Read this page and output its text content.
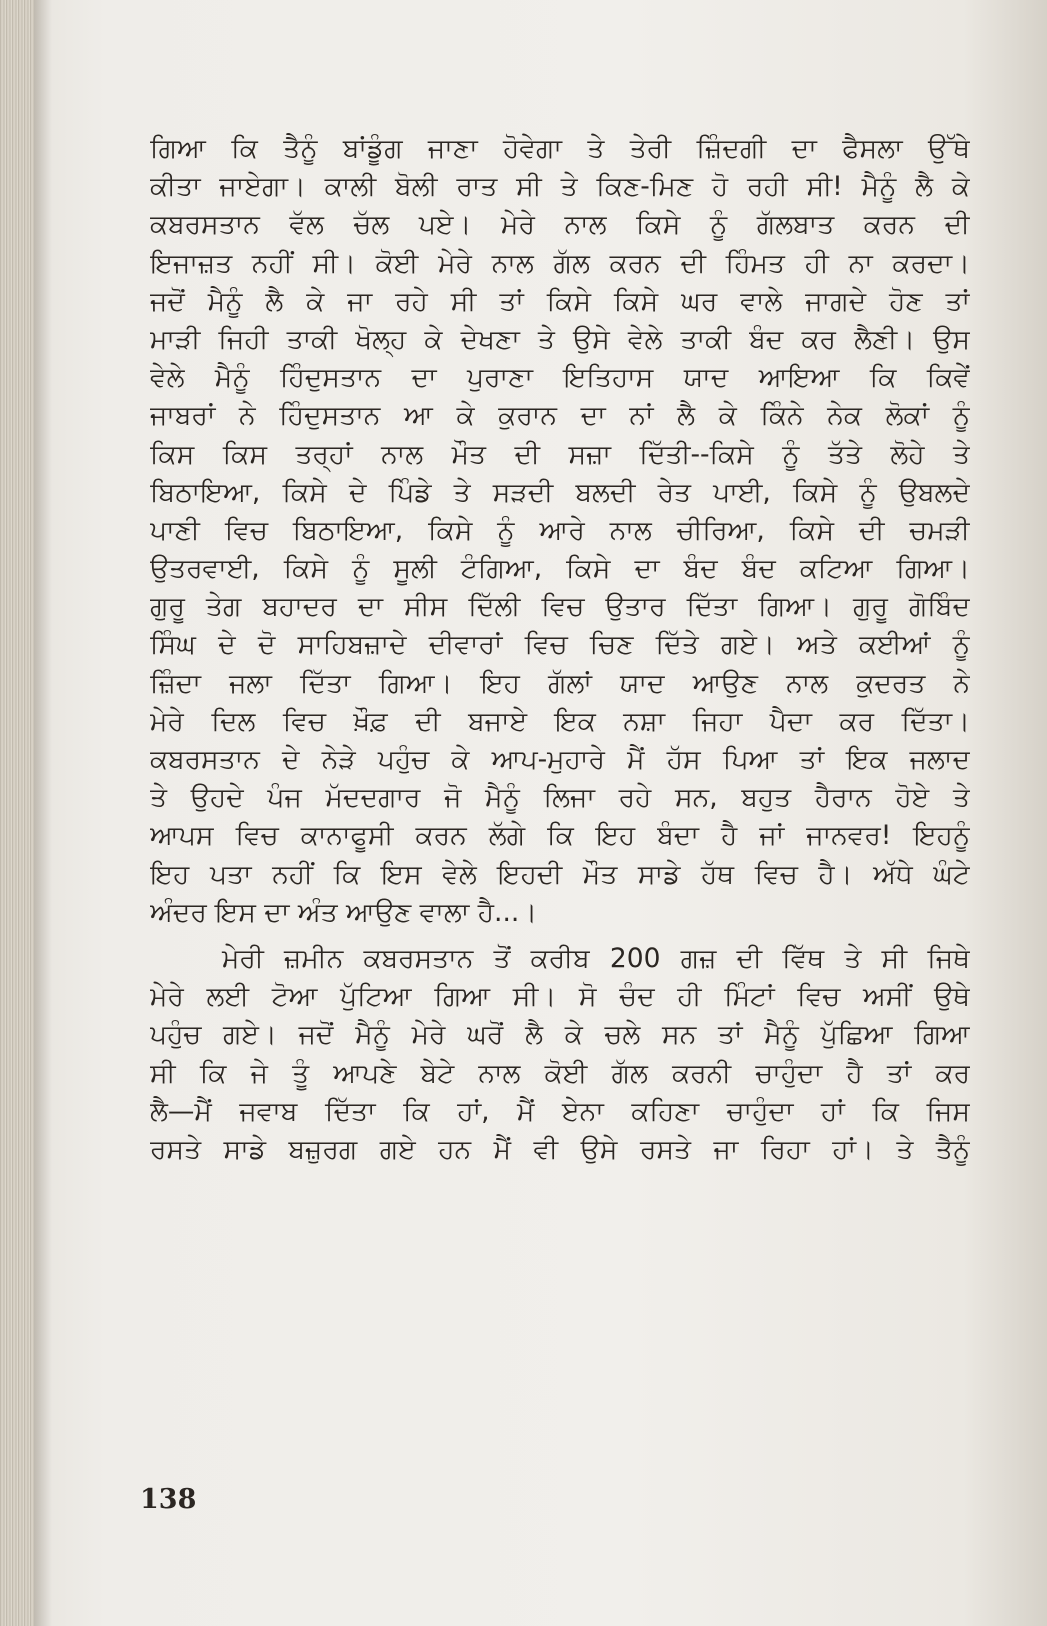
ਗਿਆ ਕਿ ਤੈਨੂੰ ਬਾਂਡੂੰਗ ਜਾਣਾ ਹੋਵੇਗਾ ਤੇ ਤੇਰੀ ਜ਼ਿੰਦਗੀ ਦਾ ਫੈਸਲਾ ਉੱਥੇ
ਕੀਤਾ ਜਾਏਗਾ। ਕਾਲੀ ਬੋਲੀ ਰਾਤ ਸੀ ਤੇ ਕਿਣ-ਮਿਣ ਹੋ ਰਹੀ ਸੀ! ਮੈਨੂੰ ਲੈ ਕੇ
ਕਬਰਸਤਾਨ ਵੱਲ ਚੱਲ ਪਏ। ਮੇਰੇ ਨਾਲ ਕਿਸੇ ਨੂੰ ਗੱਲਬਾਤ ਕਰਨ ਦੀ
ਇਜਾਜ਼ਤ ਨਹੀਂ ਸੀ। ਕੋਈ ਮੇਰੇ ਨਾਲ ਗੱਲ ਕਰਨ ਦੀ ਹਿੰਮਤ ਹੀ ਨਾ ਕਰਦਾ।
ਜਦੋਂ ਮੈਨੂੰ ਲੈ ਕੇ ਜਾ ਰਹੇ ਸੀ ਤਾਂ ਕਿਸੇ ਕਿਸੇ ਘਰ ਵਾਲੇ ਜਾਗਦੇ ਹੋਣ ਤਾਂ
ਮਾੜੀ ਜਿਹੀ ਤਾਕੀ ਖੋਲ੍ਹ ਕੇ ਦੇਖਣਾ ਤੇ ਉਸੇ ਵੇਲੇ ਤਾਕੀ ਬੰਦ ਕਰ ਲੈਣੀ। ਉਸ
ਵੇਲੇ ਮੈਨੂੰ ਹਿੰਦੁਸਤਾਨ ਦਾ ਪੁਰਾਣਾ ਇਤਿਹਾਸ ਯਾਦ ਆਇਆ ਕਿ ਕਿਵੇਂ
ਜਾਬਰਾਂ ਨੇ ਹਿੰਦੁਸਤਾਨ ਆ ਕੇ ਕੁਰਾਨ ਦਾ ਨਾਂ ਲੈ ਕੇ ਕਿੰਨੇ ਨੇਕ ਲੋਕਾਂ ਨੂੰ
ਕਿਸ ਕਿਸ ਤਰ੍ਹਾਂ ਨਾਲ ਮੌਤ ਦੀ ਸਜ਼ਾ ਦਿੱਤੀ--ਕਿਸੇ ਨੂੰ ਤੱਤੇ ਲੋਹੇ ਤੇ
ਬਿਠਾਇਆ, ਕਿਸੇ ਦੇ ਪਿੰਡੇ ਤੇ ਸੜਦੀ ਬਲਦੀ ਰੇਤ ਪਾਈ, ਕਿਸੇ ਨੂੰ ਉਬਲਦੇ
ਪਾਣੀ ਵਿਚ ਬਿਠਾਇਆ, ਕਿਸੇ ਨੂੰ ਆਰੇ ਨਾਲ ਚੀਰਿਆ, ਕਿਸੇ ਦੀ ਚਮੜੀ
ਉਤਰਵਾਈ, ਕਿਸੇ ਨੂੰ ਸੂਲੀ ਟੰਗਿਆ, ਕਿਸੇ ਦਾ ਬੰਦ ਬੰਦ ਕਟਿਆ ਗਿਆ।
ਗੁਰੂ ਤੇਗ ਬਹਾਦਰ ਦਾ ਸੀਸ ਦਿੱਲੀ ਵਿਚ ਉਤਾਰ ਦਿੱਤਾ ਗਿਆ। ਗੁਰੂ ਗੋਬਿੰਦ
ਸਿੰਘ ਦੇ ਦੋ ਸਾਹਿਬਜ਼ਾਦੇ ਦੀਵਾਰਾਂ ਵਿਚ ਚਿਣ ਦਿੱਤੇ ਗਏ। ਅਤੇ ਕਈਆਂ ਨੂੰ
ਜ਼ਿੰਦਾ ਜਲਾ ਦਿੱਤਾ ਗਿਆ। ਇਹ ਗੱਲਾਂ ਯਾਦ ਆਉਣ ਨਾਲ ਕੁਦਰਤ ਨੇ
ਮੇਰੇ ਦਿਲ ਵਿਚ ਖ਼ੌਫ਼ ਦੀ ਬਜਾਏ ਇਕ ਨਸ਼ਾ ਜਿਹਾ ਪੈਦਾ ਕਰ ਦਿੱਤਾ।
ਕਬਰਸਤਾਨ ਦੇ ਨੇੜੇ ਪਹੁੰਚ ਕੇ ਆਪ-ਮੁਹਾਰੇ ਮੈਂ ਹੱਸ ਪਿਆ ਤਾਂ ਇਕ ਜਲਾਦ
ਤੇ ਉਹਦੇ ਪੰਜ ਮੱਦਦਗਾਰ ਜੋ ਮੈਨੂੰ ਲਿਜਾ ਰਹੇ ਸਨ, ਬਹੁਤ ਹੈਰਾਨ ਹੋਏ ਤੇ
ਆਪਸ ਵਿਚ ਕਾਨਾਫੂਸੀ ਕਰਨ ਲੱਗੇ ਕਿ ਇਹ ਬੰਦਾ ਹੈ ਜਾਂ ਜਾਨਵਰ! ਇਹਨੂੰ
ਇਹ ਪਤਾ ਨਹੀਂ ਕਿ ਇਸ ਵੇਲੇ ਇਹਦੀ ਮੌਤ ਸਾਡੇ ਹੱਥ ਵਿਚ ਹੈ। ਅੱਧੇ ਘੰਟੇ
ਅੰਦਰ ਇਸ ਦਾ ਅੰਤ ਆਉਣ ਵਾਲਾ ਹੈ...।
ਮੇਰੀ ਜ਼ਮੀਨ ਕਬਰਸਤਾਨ ਤੋਂ ਕਰੀਬ 200 ਗਜ਼ ਦੀ ਵਿੱਥ ਤੇ ਸੀ ਜਿਥੇ
ਮੇਰੇ ਲਈ ਟੋਆ ਪੁੱਟਿਆ ਗਿਆ ਸੀ। ਸੋ ਚੰਦ ਹੀ ਮਿੰਟਾਂ ਵਿਚ ਅਸੀਂ ਉਥੇ
ਪਹੁੰਚ ਗਏ। ਜਦੋਂ ਮੈਨੂੰ ਮੇਰੇ ਘਰੋਂ ਲੈ ਕੇ ਚਲੇ ਸਨ ਤਾਂ ਮੈਨੂੰ ਪੁੱਛਿਆ ਗਿਆ
ਸੀ ਕਿ ਜੇ ਤੂੰ ਆਪਣੇ ਬੇਟੇ ਨਾਲ ਕੋਈ ਗੱਲ ਕਰਨੀ ਚਾਹੁੰਦਾ ਹੈ ਤਾਂ ਕਰ
ਲੈ—ਮੈਂ ਜਵਾਬ ਦਿੱਤਾ ਕਿ ਹਾਂ, ਮੈਂ ਏਨਾ ਕਹਿਣਾ ਚਾਹੁੰਦਾ ਹਾਂ ਕਿ ਜਿਸ
ਰਸਤੇ ਸਾਡੇ ਬਜ਼ੁਰਗ ਗਏ ਹਨ ਮੈਂ ਵੀ ਉਸੇ ਰਸਤੇ ਜਾ ਰਿਹਾ ਹਾਂ। ਤੇ ਤੈਨੂੰ
138
